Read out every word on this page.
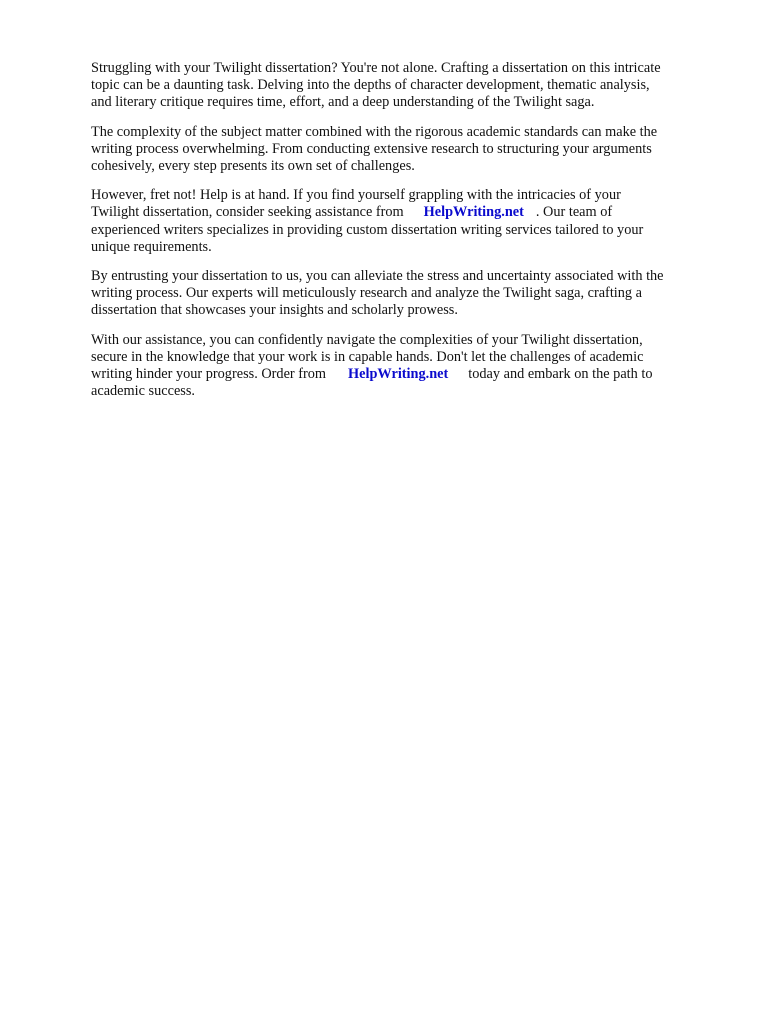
Struggling with your Twilight dissertation? You're not alone. Crafting a dissertation on this intricate
topic can be a daunting task. Delving into the depths of character development, thematic analysis,
and literary critique requires time, effort, and a deep understanding of the Twilight saga.

The complexity of the subject matter combined with the rigorous academic standards can make the
writing process overwhelming. From conducting extensive research to structuring your arguments
cohesively, every step presents its own set of challenges.

However, fret not! Help is at hand. If you find yourself grappling with the intricacies of your
Twilight dissertation, consider seeking assistance from HelpWriting.net . Our team of
experienced writers specializes in providing custom dissertation writing services tailored to your
unique requirements.

By entrusting your dissertation to us, you can alleviate the stress and uncertainty associated with the
writing process. Our experts will meticulously research and analyze the Twilight saga, crafting a
dissertation that showcases your insights and scholarly prowess.

With our assistance, you can confidently navigate the complexities of your Twilight dissertation,
secure in the knowledge that your work is in capable hands. Don't let the challenges of academic
writing hinder your progress. Order from HelpWriting.net today and embark on the path to
academic success.
